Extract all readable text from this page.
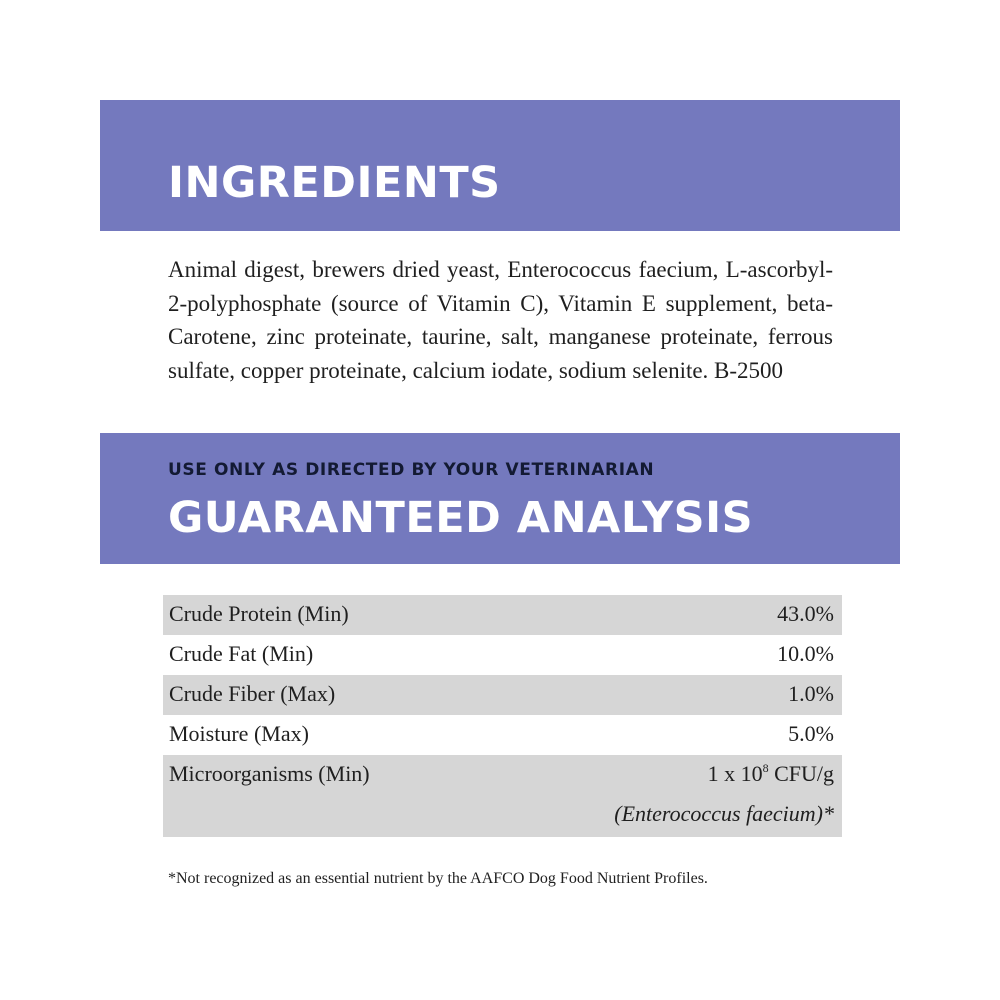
INGREDIENTS

Animal digest, brewers dried yeast, Enterococcus faecium, L-ascorbyl-2-polyphosphate (source of Vitamin C), Vitamin E supplement, beta- Carotene, zinc proteinate, taurine, salt, manganese proteinate, ferrous sulfate, copper proteinate, calcium iodate, sodium selenite. B-2500

USE ONLY AS DIRECTED BY YOUR VETERINARIAN
GUARANTEED ANALYSIS
Crude Protein (Min)	43.0%
Crude Fat (Min)	10.0%
Crude Fiber (Max)	1.0%
Moisture (Max)	5.0%
Microorganisms (Min)	1 x $10^8$ CFU/g
(Enterococcus faecium)*

*Not recognized as an essential nutrient by the AAFCO Dog Food Nutrient Profiles.
